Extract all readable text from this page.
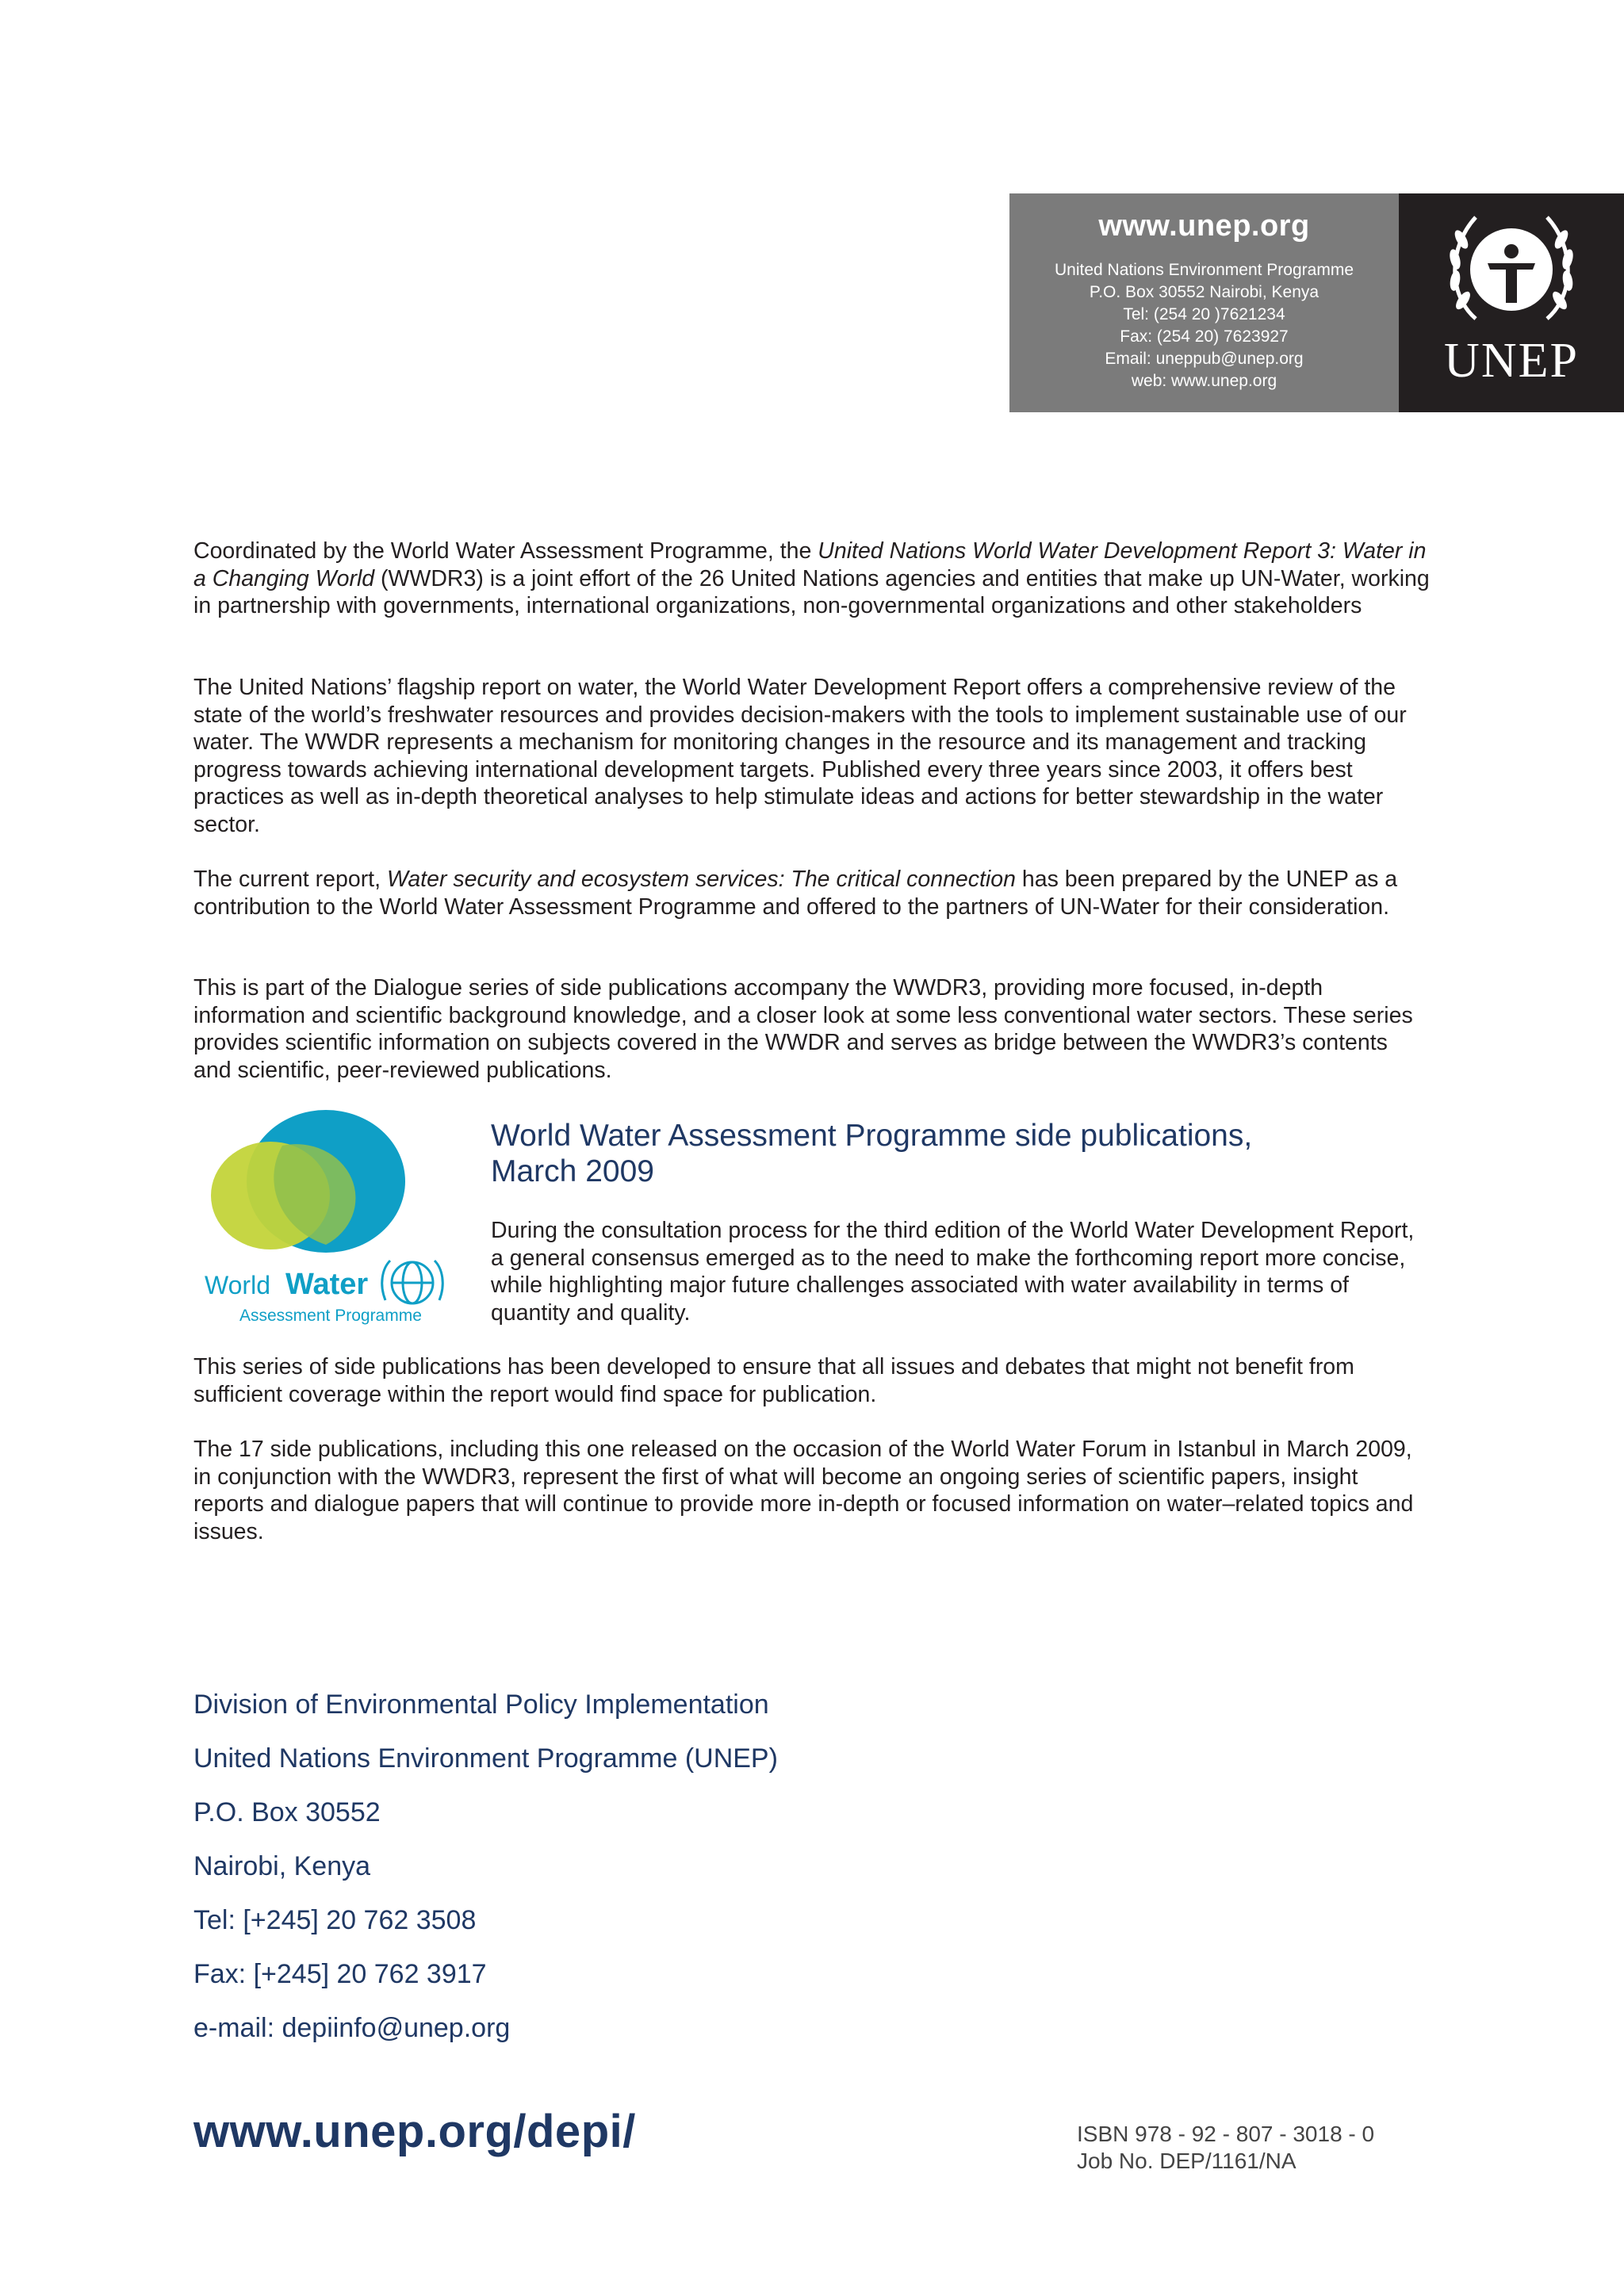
www.unep.org
United Nations Environment Programme
P.O. Box 30552 Nairobi, Kenya
Tel: (254 20 )7621234
Fax: (254 20) 7623927
Email: uneppub@unep.org
web: www.unep.org	UNEP

Coordinated by the World Water Assessment Programme, the United Nations World Water Development Report 3: Water in a Changing World (WWDR3) is a joint effort of the 26 United Nations agencies and entities that make up UN-Water, working in partnership with governments, international organizations, non-governmental organizations and other stakeholders

The United Nations’ flagship report on water, the World Water Development Report offers a comprehensive review of the state of the world’s freshwater resources and provides decision-makers with the tools to implement sustainable use of our water. The WWDR represents a mechanism for monitoring changes in the resource and its management and tracking progress towards achieving international development targets. Published every three years since 2003, it offers best practices as well as in-depth theoretical analyses to help stimulate ideas and actions for better stewardship in the water sector.

The current report, Water security and ecosystem services: The critical connection has been prepared by the UNEP as a contribution to the World Water Assessment Programme and offered to the partners of UN-Water for their consideration.

This is part of the Dialogue series of side publications accompany the WWDR3, providing more focused, in-depth information and scientific background knowledge, and a closer look at some less conventional water sectors. These series provides scientific information on subjects covered in the WWDR and serves as bridge between the WWDR3’s contents and scientific, peer-reviewed publications.

World Water
Assessment Programme
World Water Assessment Programme side publications,
March 2009

During the consultation process for the third edition of the World Water Development Report, a general consensus emerged as to the need to make the forthcoming report more concise, while highlighting major future challenges associated with water availability in terms of quantity and quality.

This series of side publications has been developed to ensure that all issues and debates that might not benefit from sufficient coverage within the report would find space for publication.

The 17 side publications, including this one released on the occasion of the World Water Forum in Istanbul in March 2009, in conjunction with the WWDR3, represent the first of what will become an ongoing series of scientific papers, insight reports and dialogue papers that will continue to provide more in-depth or focused information on water–related topics and issues.

Division of Environmental Policy Implementation
United Nations Environment Programme (UNEP)
P.O. Box 30552
Nairobi, Kenya
Tel: [+245] 20 762 3508
Fax: [+245] 20 762 3917
e-mail: depiinfo@unep.org
www.unep.org/depi/	ISBN 978 - 92 - 807 - 3018 - 0
Job No. DEP/1161/NA
